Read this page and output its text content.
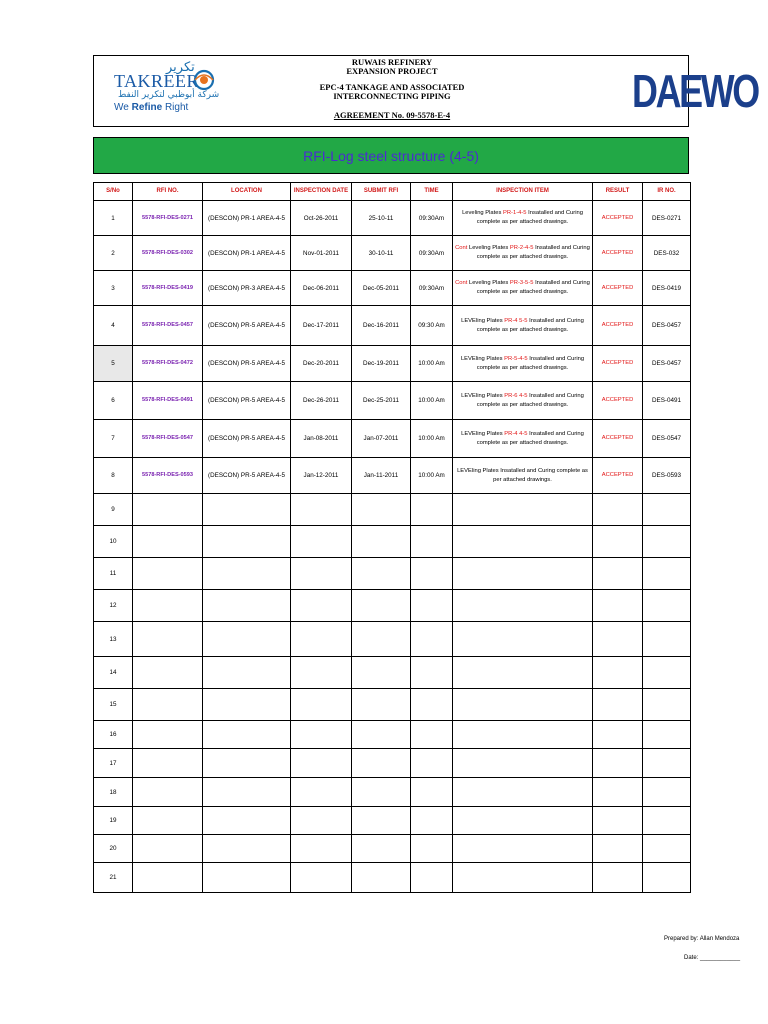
تكرير
TAKREER
شركة أبوظبي لتكرير النفط
We Refine Right
RUWAIS REFINERY
EXPANSION PROJECT
EPC-4 TANKAGE AND ASSOCIATED
INTERCONNECTING PIPING
AGREEMENT No. 09-5578-E-4	DAEWO
RFI-Log steel structure (4-5)
S/No	RFI NO.	LOCATION	INSPECTION DATE	SUBMIT RFI	TIME	INSPECTION ITEM	RESULT	IR NO.
1	5578-RFI-DES-0271	(DESCON) PR-1 AREA-4-5	Oct-26-2011	25-10-11	09:30Am	Leveling Plates PR-1-4-5 Insatalled and Curing complete as per attached drawings.	ACCEPTED	DES-0271
2	5578-RFI-DES-0302	(DESCON) PR-1 AREA-4-5	Nov-01-2011	30-10-11	09:30Am	Cont Leveling Plates PR-2-4-5 Insatalled and Curing complete as per attached drawings.	ACCEPTED	DES-032
3	5578-RFI-DES-0419	(DESCON) PR-3 AREA-4-5	Dec-06-2011	Dec-05-2011	09:30Am	Cont Leveling Plates PR-3-5-5 Insatalled and Curing complete as per attached drawings.	ACCEPTED	DES-0419
4	5578-RFI-DES-0457	(DESCON) PR-5 AREA-4-5	Dec-17-2011	Dec-16-2011	09:30 Am	LEVEling Plates PR-4 5-5 Insatalled and Curing complete as per attached drawings.	ACCEPTED	DES-0457
5	5578-RFI-DES-0472	(DESCON) PR-5 AREA-4-5	Dec-20-2011	Dec-19-2011	10:00 Am	LEVEling Plates PR-5-4-5 Insatalled and Curing complete as per attached drawings.	ACCEPTED	DES-0457
6	5578-RFI-DES-0491	(DESCON) PR-5 AREA-4-5	Dec-26-2011	Dec-25-2011	10:00 Am	LEVEling Plates PR-6 4-5 Insatalled and Curing complete as per attached drawings.	ACCEPTED	DES-0491
7	5578-RFI-DES-0547	(DESCON) PR-5 AREA-4-5	Jan-08-2011	Jan-07-2011	10:00 Am	LEVEling Plates PR-4 4-5 Insatalled and Curing complete as per attached drawings.	ACCEPTED	DES-0547
8	5578-RFI-DES-0593	(DESCON) PR-5 AREA-4-5	Jan-12-2011	Jan-11-2011	10:00 Am	LEVEling Plates Insatalled and Curing complete as per attached drawings.	ACCEPTED	DES-0593
9								
10								
11								
12								
13								
14								
15								
16								
17								
18								
19								
20								
21								
Prepared by: Allan Mendoza
Date: ____________
